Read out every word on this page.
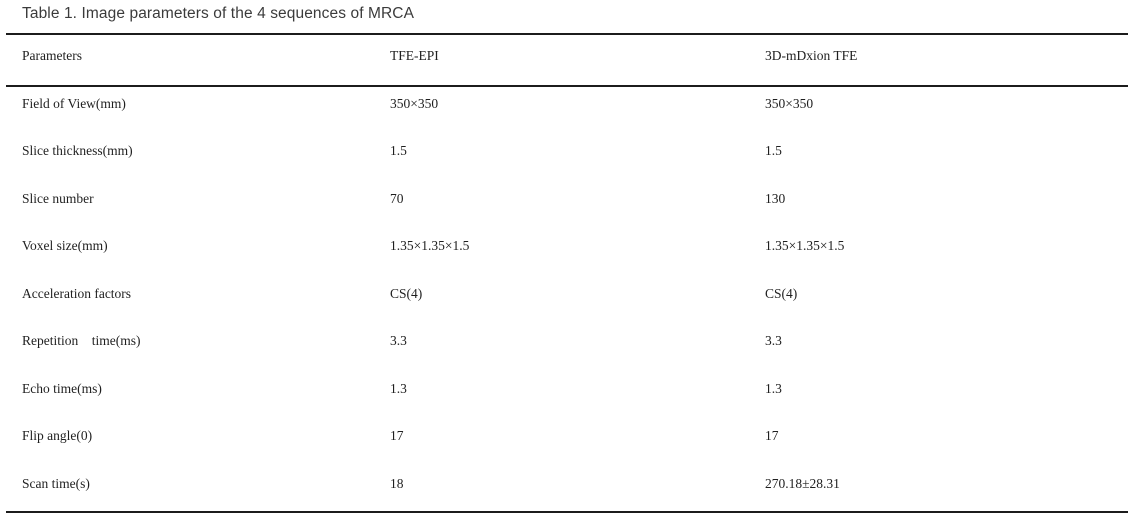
Table 1. Image parameters of the 4 sequences of MRCA
Parameters	TFE-EPI	3D-mDxion TFE
Field of View(mm)	350×350	350×350
Slice thickness(mm)	1.5	1.5
Slice number	70	130
Voxel size(mm)	1.35×1.35×1.5	1.35×1.35×1.5
Acceleration factors	CS(4)	CS(4)
Repetition    time(ms)	3.3	3.3
Echo time(ms)	1.3	1.3
Flip angle(0)	17	17
Scan time(s)	18	270.18±28.31
